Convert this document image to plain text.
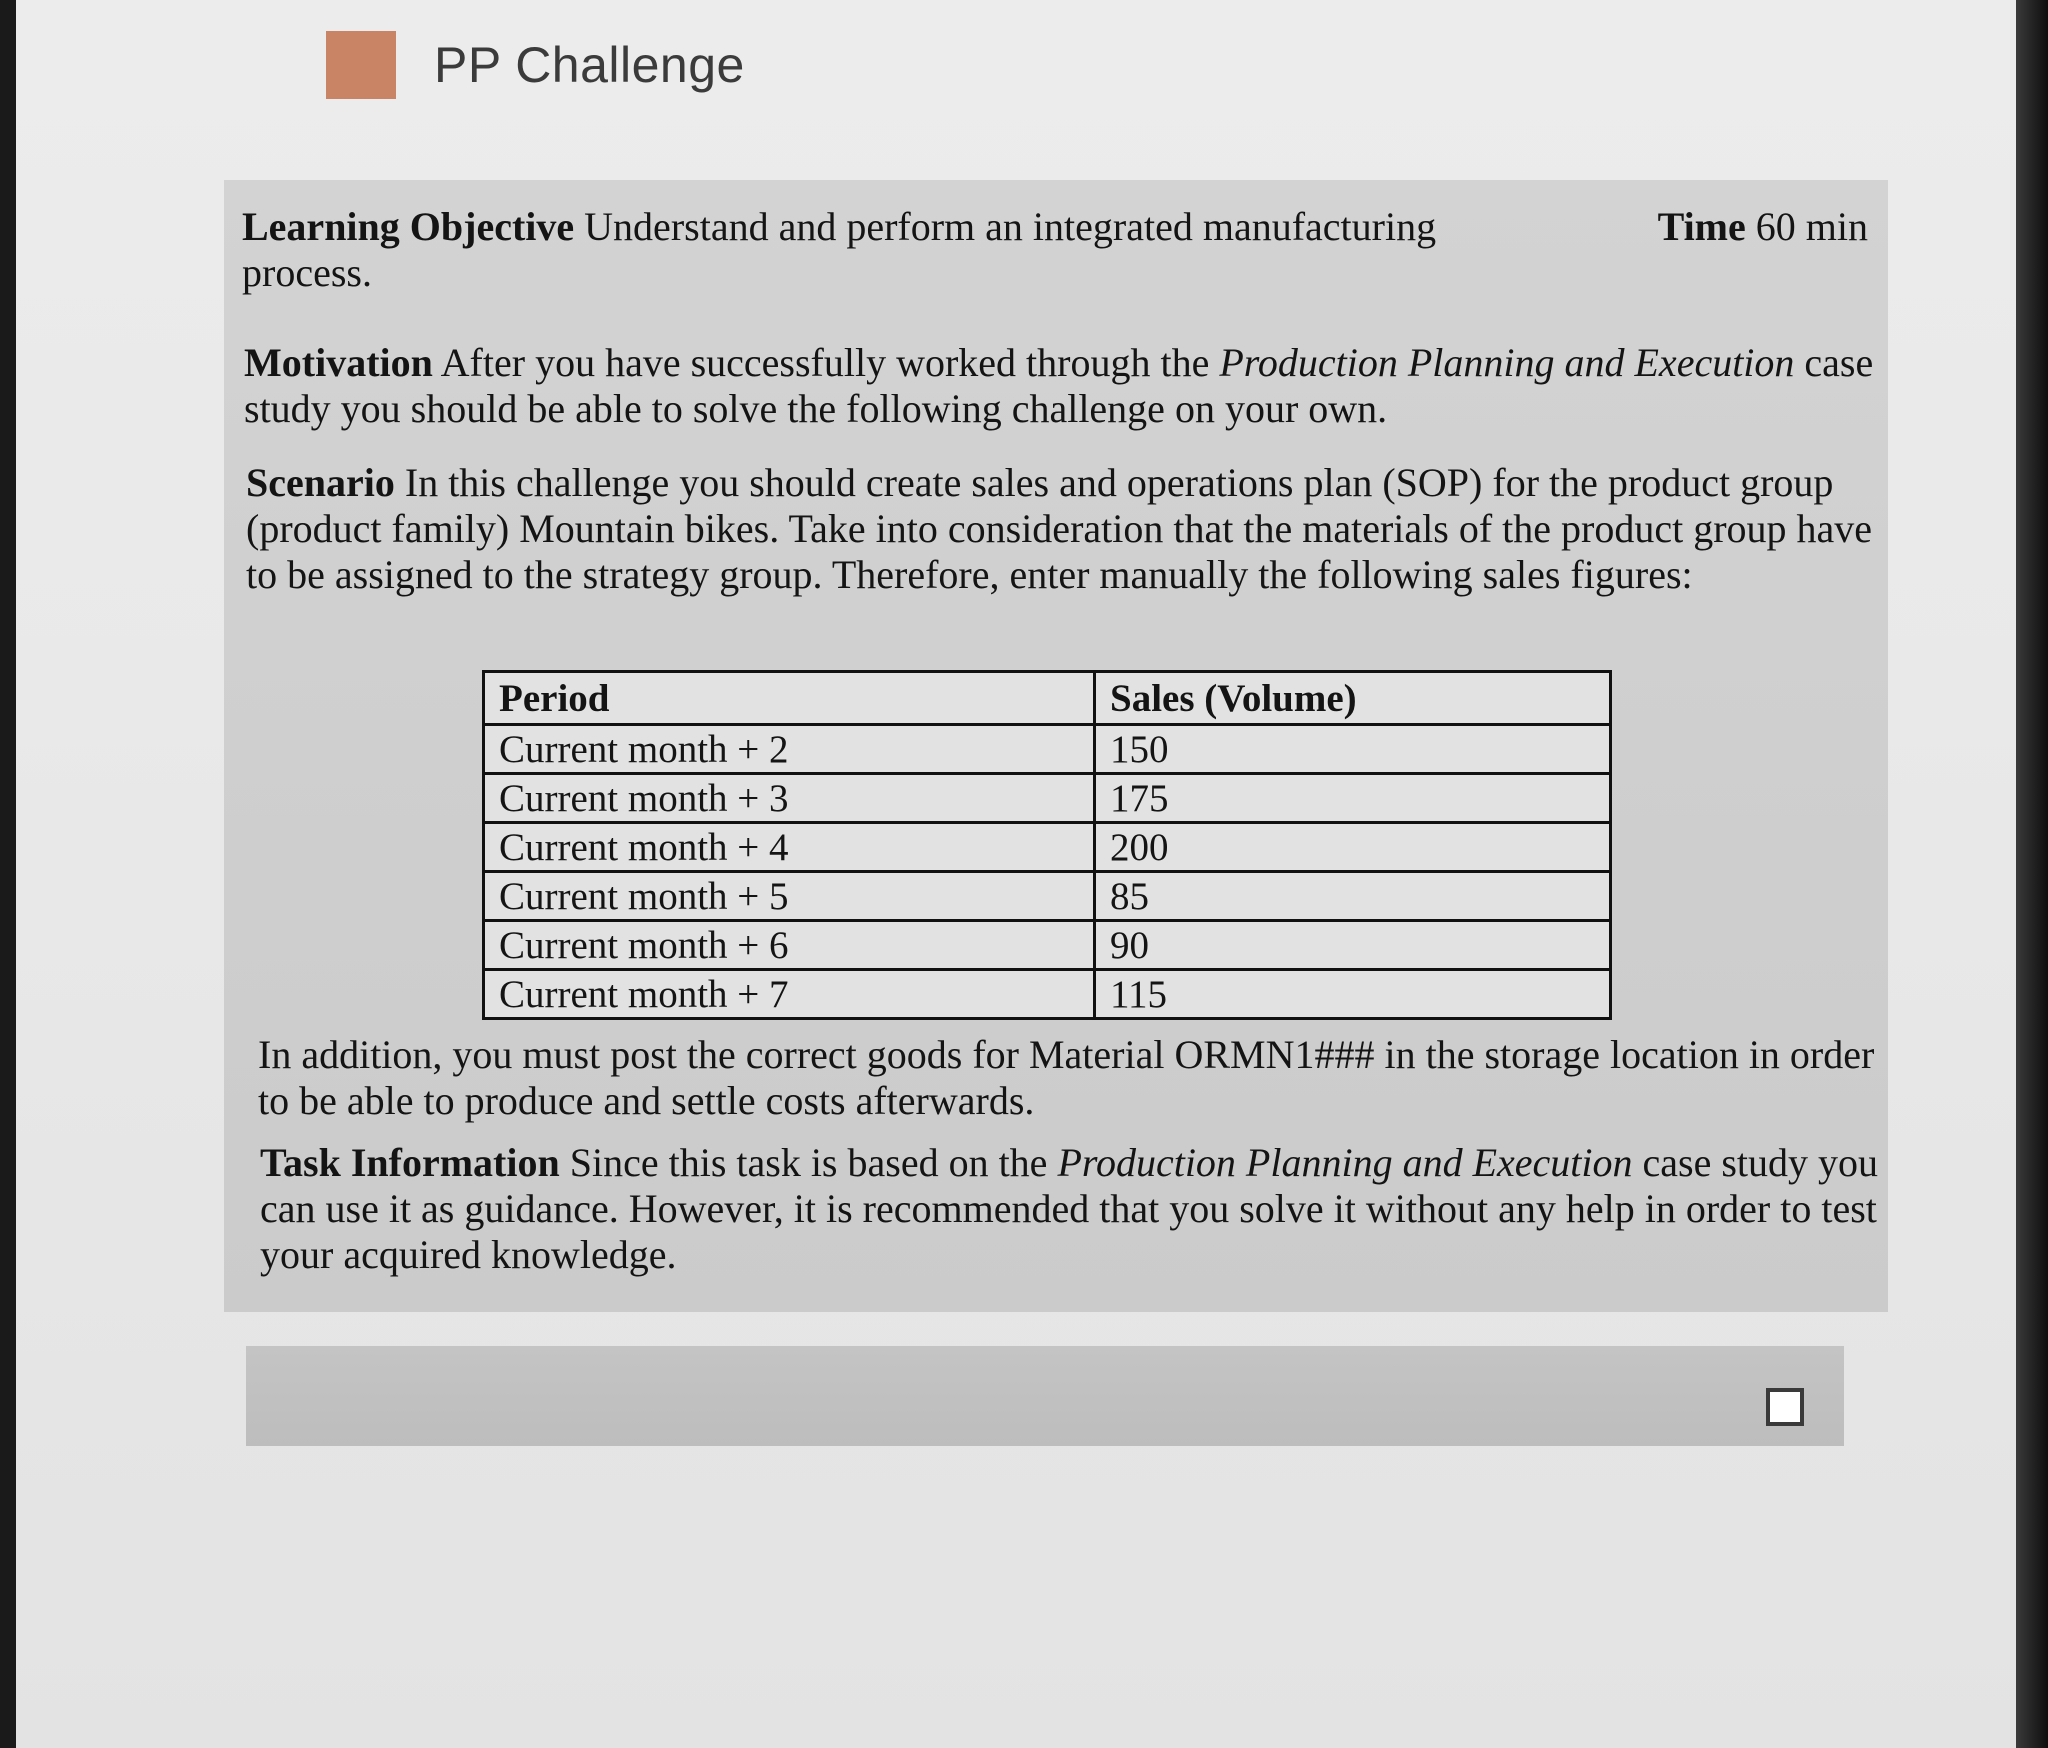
PP Challenge
Learning Objective Understand and perform an integrated manufacturing process.
Time 60 min
Motivation After you have successfully worked through the Production Planning and Execution case study you should be able to solve the following challenge on your own.
Scenario In this challenge you should create sales and operations plan (SOP) for the product group (product family) Mountain bikes. Take into consideration that the materials of the product group have to be assigned to the strategy group. Therefore, enter manually the following sales figures:
Period	Sales (Volume)
Current month + 2	150
Current month + 3	175
Current month + 4	200
Current month + 5	85
Current month + 6	90
Current month + 7	115
In addition, you must post the correct goods for Material ORMN1### in the storage location in order to be able to produce and settle costs afterwards.
Task Information Since this task is based on the Production Planning and Execution case study you can use it as guidance. However, it is recommended that you solve it without any help in order to test your acquired knowledge.
